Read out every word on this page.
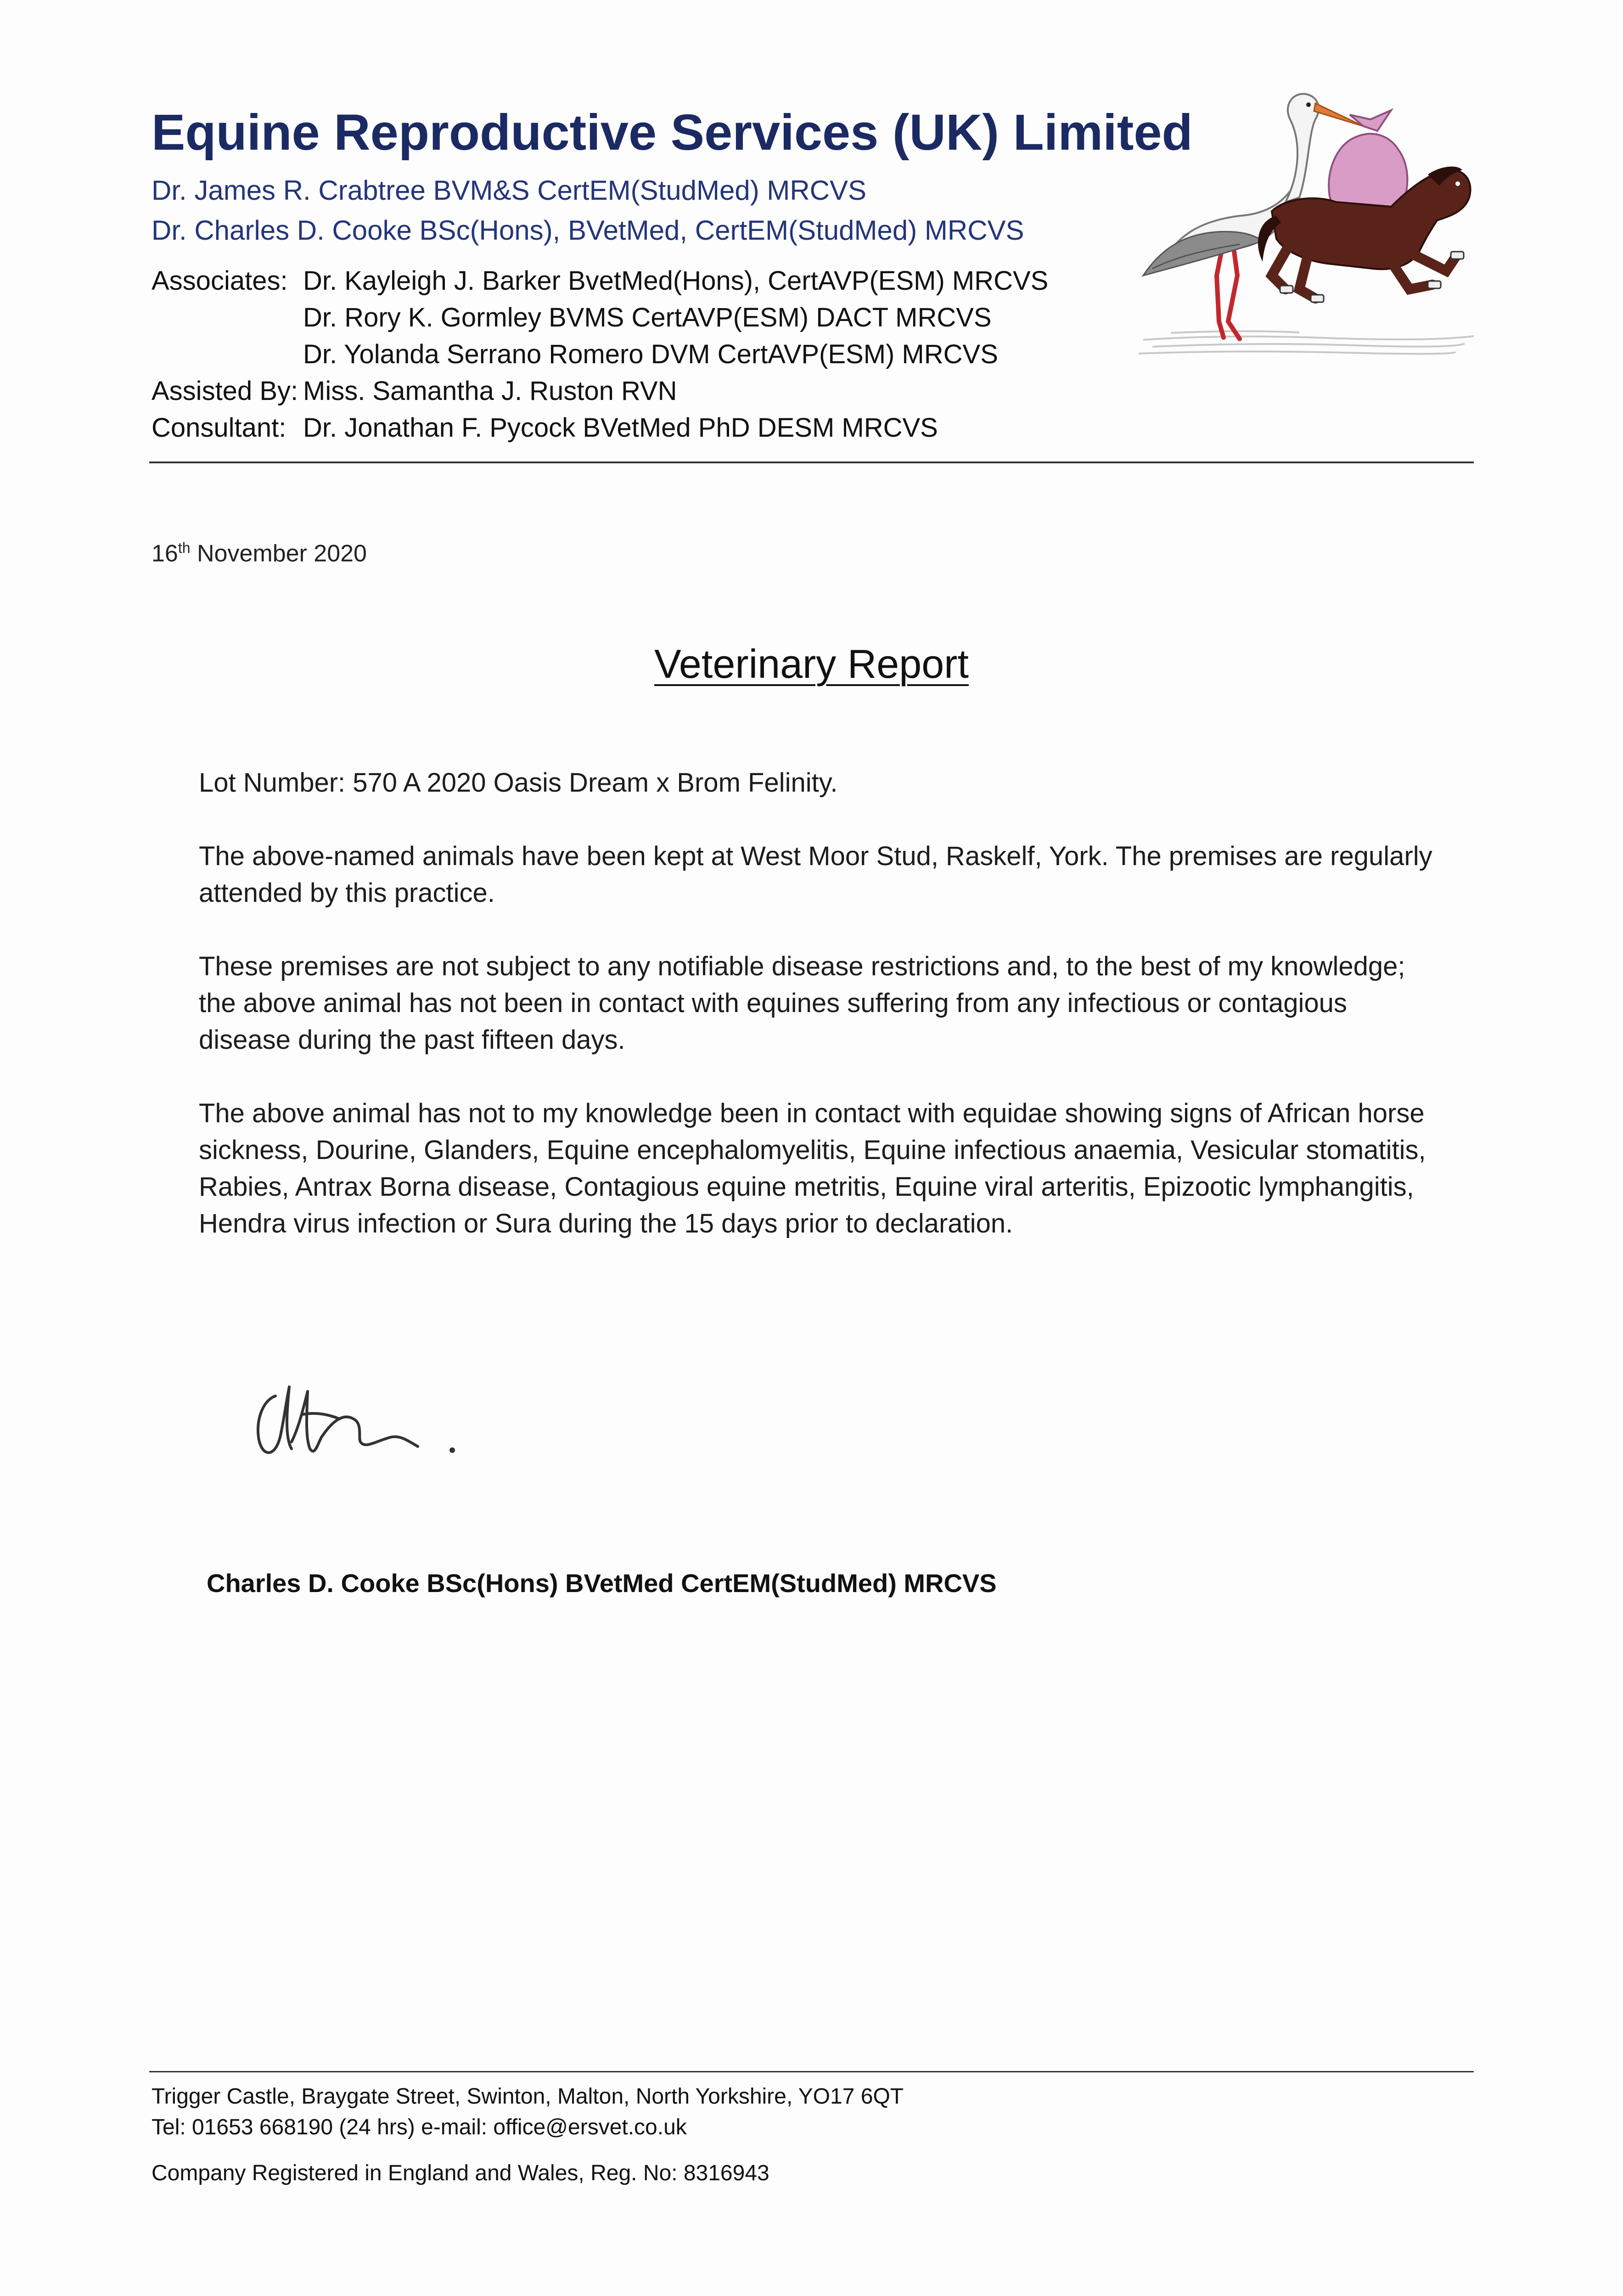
Equine Reproductive Services (UK) Limited
Dr. James R. Crabtree BVM&S CertEM(StudMed) MRCVS
Dr. Charles D. Cooke BSc(Hons), BVetMed, CertEM(StudMed) MRCVS
Associates: Dr. Kayleigh J. Barker BvetMed(Hons), CertAVP(ESM) MRCVS
Dr. Rory K. Gormley BVMS CertAVP(ESM) DACT MRCVS
Dr. Yolanda Serrano Romero DVM CertAVP(ESM) MRCVS
Assisted By: Miss. Samantha J. Ruston RVN
Consultant: Dr. Jonathan F. Pycock BVetMed PhD DESM MRCVS
16th November 2020
Veterinary Report
Lot Number: 570 A 2020 Oasis Dream x Brom Felinity.
The above-named animals have been kept at West Moor Stud, Raskelf, York. The premises are regularly attended by this practice.
These premises are not subject to any notifiable disease restrictions and, to the best of my knowledge; the above animal has not been in contact with equines suffering from any infectious or contagious disease during the past fifteen days.
The above animal has not to my knowledge been in contact with equidae showing signs of African horse sickness, Dourine, Glanders, Equine encephalomyelitis, Equine infectious anaemia, Vesicular stomatitis, Rabies, Antrax Borna disease, Contagious equine metritis, Equine viral arteritis, Epizootic lymphangitis, Hendra virus infection or Sura during the 15 days prior to declaration.
Charles D. Cooke BSc(Hons) BVetMed CertEM(StudMed) MRCVS
Trigger Castle, Braygate Street, Swinton, Malton, North Yorkshire, YO17 6QT
Tel: 01653 668190 (24 hrs) e-mail: office@ersvet.co.uk
Company Registered in England and Wales, Reg. No: 8316943
